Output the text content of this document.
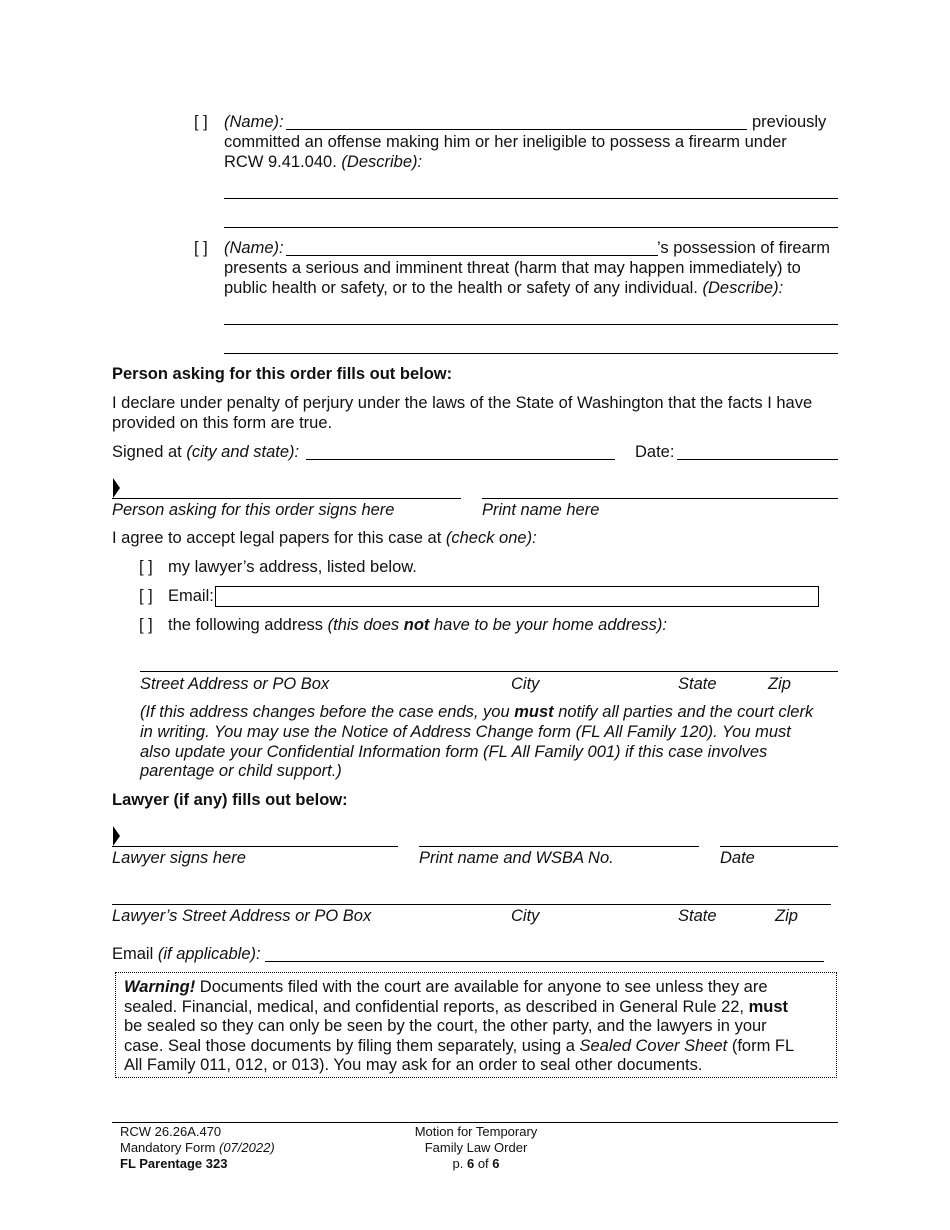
[ ] (Name):	previously
committed an offense making him or her ineligible to possess a firearm under
RCW 9.41.040. (Describe):
[ ] (Name):	’s possession of firearm
presents a serious and imminent threat (harm that may happen immediately) to
public health or safety, or to the health or safety of any individual. (Describe):
Person asking for this order fills out below:
I declare under penalty of perjury under the laws of the State of Washington that the facts I have
provided on this form are true.
Signed at (city and state):	Date:
Person asking for this order signs here	Print name here
I agree to accept legal papers for this case at (check one):
[ ] my lawyer’s address, listed below.
[ ] Email:
[ ] the following address (this does not have to be your home address):
Street Address or PO Box	City	State	Zip
(If this address changes before the case ends, you must notify all parties and the court clerk
in writing. You may use the Notice of Address Change form (FL All Family 120). You must
also update your Confidential Information form (FL All Family 001) if this case involves
parentage or child support.)
Lawyer (if any) fills out below:
Lawyer signs here	Print name and WSBA No.	Date
Lawyer’s Street Address or PO Box	City	State	Zip
Email (if applicable):
Warning! Documents filed with the court are available for anyone to see unless they are
sealed. Financial, medical, and confidential reports, as described in General Rule 22, must
be sealed so they can only be seen by the court, the other party, and the lawyers in your
case. Seal those documents by filing them separately, using a Sealed Cover Sheet (form FL
All Family 011, 012, or 013). You may ask for an order to seal other documents.
RCW 26.26A.470
Mandatory Form (07/2022)
FL Parentage 323
Motion for Temporary
Family Law Order
p. 6 of 6
